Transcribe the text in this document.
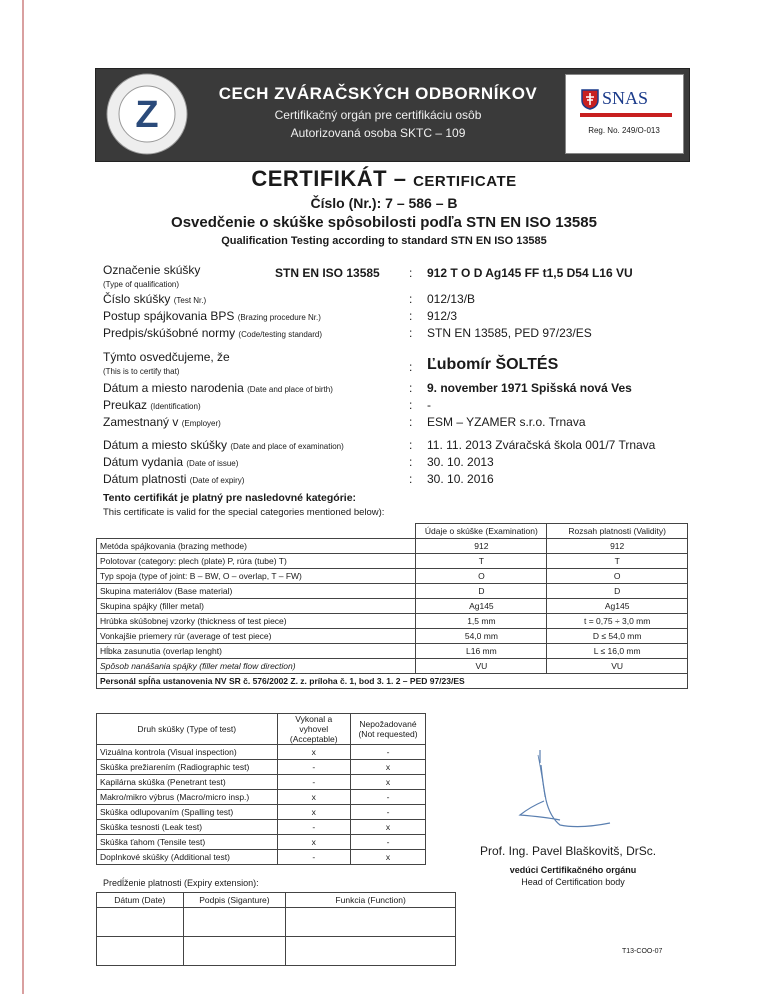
Z
CECH ZVÁRAČSKÝCH ODBORNÍKOV
Certifikačný orgán pre certifikáciu osôb
Autorizovaná osoba SKTC – 109
SNAS
Reg. No. 249/O-013
CERTIFIKÁT – CERTIFICATE
Číslo (Nr.): 7 – 586 – B
Osvedčenie o skúške spôsobilosti podľa STN EN ISO 13585
Qualification Testing according to standard STN EN ISO 13585
Označenie skúšky
(Type of qualification)
STN EN ISO 13585 : 912 T O D Ag145 FF t1,5 D54 L16 VU
Číslo skúšky (Test Nr.)	: 012/13/B
Postup spájkovania BPS (Brazing procedure Nr.)	: 912/3
Predpis/skúšobné normy (Code/testing standard)	: STN EN 13585, PED 97/23/ES
Týmto osvedčujeme, že
(This is to certify that)	: Ľubomír ŠOLTÉS
Dátum a miesto narodenia (Date and place of birth)	: 9. november 1971 Spišská nová Ves
Preukaz (Identification)	: -
Zamestnaný v (Employer)	: ESM – YZAMER s.r.o. Trnava
Dátum a miesto skúšky (Date and place of examination)	: 11. 11. 2013 Zváračská škola 001/7 Trnava
Dátum vydania (Date of issue)	: 30. 10. 2013
Dátum platnosti (Date of expiry)	: 30. 10. 2016
Tento certifikát je platný pre nasledovné kategórie:
This certificate is valid for the special categories mentioned below):
	Údaje o skúške (Examination)	Rozsah platnosti (Validity)
Metóda spájkovania (brazing methode)	912	912
Polotovar (category: plech (plate) P, rúra (tube) T)	T	T
Typ spoja (type of joint: B – BW, O – overlap, T – FW)	O	O
Skupina materiálov (Base material)	D	D
Skupina spájky (filler metal)	Ag145	Ag145
Hrúbka skúšobnej vzorky (thickness of test piece)	1,5 mm	t = 0,75 ÷ 3,0 mm
Vonkajšie priemery rúr (average of test piece)	54,0 mm	D ≤ 54,0 mm
Hĺbka zasunutia (overlap lenght)	L16 mm	L ≤ 16,0 mm
Spôsob nanášania spájky (filler metal flow direction)	VU	VU
Personál spĺňa ustanovenia NV SR č. 576/2002 Z. z. príloha č. 1, bod 3. 1. 2 – PED 97/23/ES		
Druh skúšky (Type of test)	Vykonal a vyhovel (Acceptable)	Nepožadované (Not requested)
Vizuálna kontrola (Visual inspection)	x	-
Skúška prežiarením (Radiographic test)	-	x
Kapilárna skúška (Penetrant test)	-	x
Makro/mikro výbrus (Macro/micro insp.)	x	-
Skúška odlupovaním (Spalling test)	x	-
Skúška tesnosti (Leak test)	-	x
Skúška ťahom (Tensile test)	x	-
Doplnkové skúšky (Additional test)	-	x
Predĺženie platnosti (Expiry extension):
Dátum (Date)	Podpis (Siganture)	Funkcia (Function)

Prof. Ing. Pavel Blaškovitš, DrSc.
vedúci Certifikačného orgánu
Head of Certification body
T13-COO-07
